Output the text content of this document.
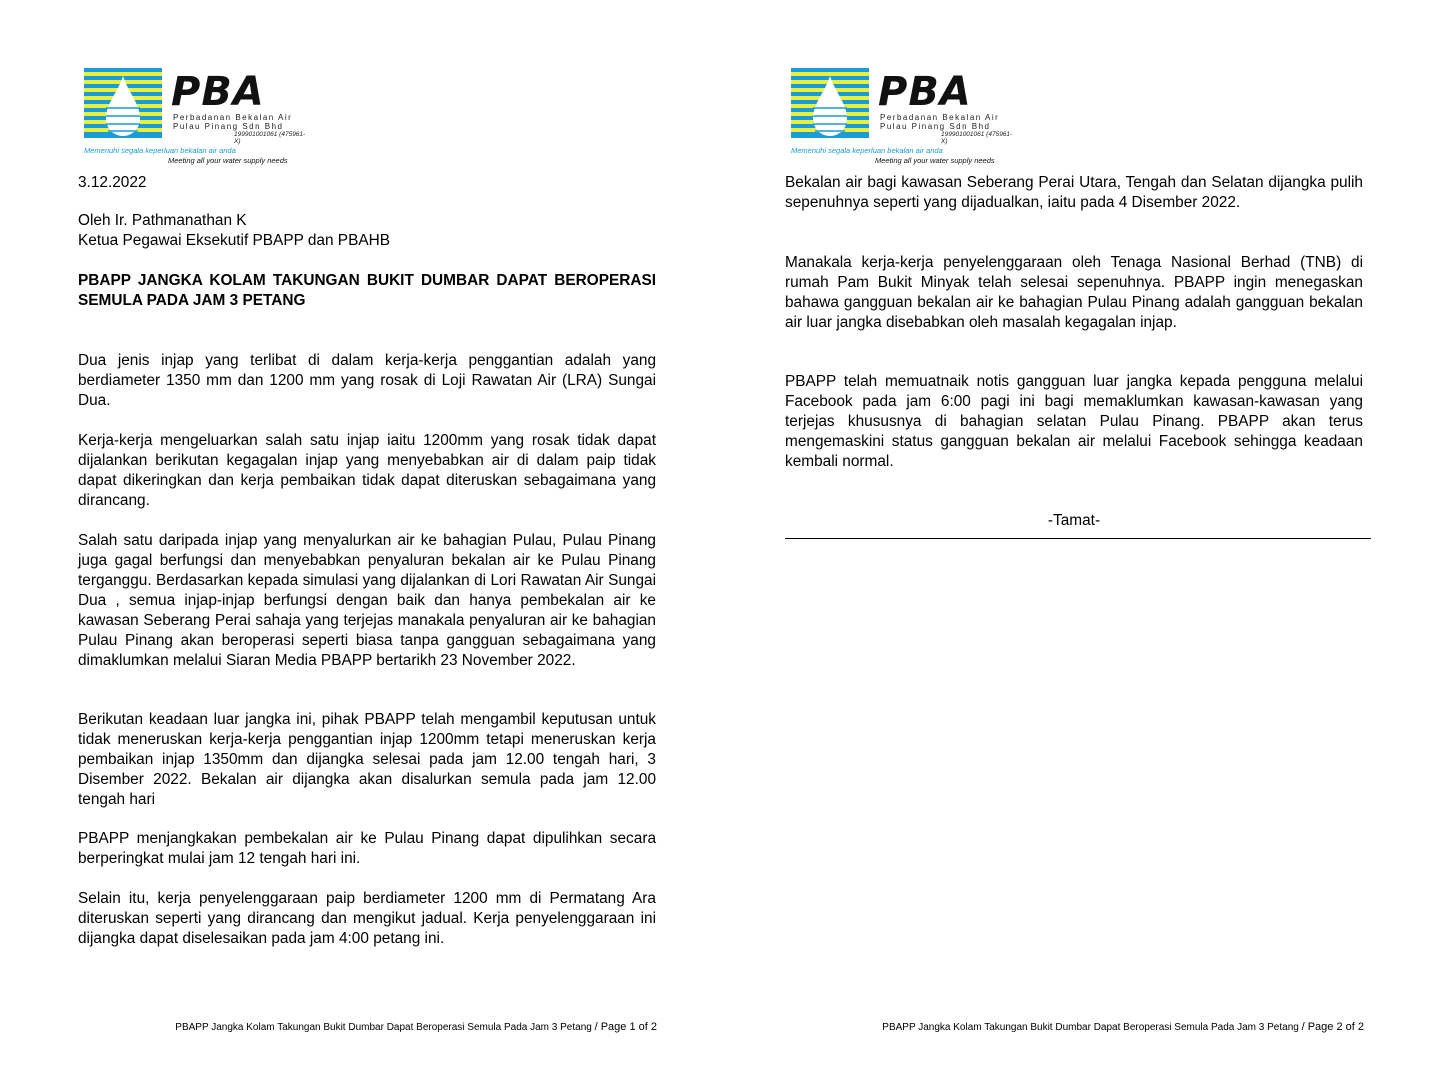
PBA
Perbadanan Bekalan Air
Pulau Pinang Sdn Bhd
199901001061 (475961-X)
Memenuhi segala keperluan bekalan air anda
Meeting all your water supply needs
3.12.2022
Oleh Ir. Pathmanathan K
Ketua Pegawai Eksekutif PBAPP dan PBAHB
PBAPP JANGKA KOLAM TAKUNGAN BUKIT DUMBAR DAPAT BEROPERASI SEMULA PADA JAM 3 PETANG

Dua jenis injap yang terlibat di dalam kerja-kerja penggantian adalah yang berdiameter 1350 mm dan 1200 mm yang rosak di Loji Rawatan Air (LRA) Sungai Dua.

Kerja-kerja mengeluarkan salah satu injap iaitu 1200mm yang rosak tidak dapat dijalankan berikutan kegagalan injap yang menyebabkan air di dalam paip tidak dapat dikeringkan dan kerja pembaikan tidak dapat diteruskan sebagaimana yang dirancang.

Salah satu daripada injap yang menyalurkan air ke bahagian Pulau, Pulau Pinang juga gagal berfungsi dan menyebabkan penyaluran bekalan air ke Pulau Pinang terganggu. Berdasarkan kepada simulasi yang dijalankan di Lori Rawatan Air Sungai Dua , semua injap-injap berfungsi dengan baik dan hanya pembekalan air ke kawasan Seberang Perai sahaja yang terjejas manakala penyaluran air ke bahagian Pulau Pinang akan beroperasi seperti biasa tanpa gangguan sebagaimana yang dimaklumkan melalui Siaran Media PBAPP bertarikh 23 November 2022.

Berikutan keadaan luar jangka ini, pihak PBAPP telah mengambil keputusan untuk tidak meneruskan kerja-kerja penggantian injap 1200mm tetapi meneruskan kerja pembaikan injap 1350mm dan dijangka selesai pada jam 12.00 tengah hari, 3 Disember 2022. Bekalan air dijangka akan disalurkan semula pada jam 12.00 tengah hari

PBAPP menjangkakan pembekalan air ke Pulau Pinang dapat dipulihkan secara berperingkat mulai jam 12 tengah hari ini.

Selain itu, kerja penyelenggaraan paip berdiameter 1200 mm di Permatang Ara diteruskan seperti yang dirancang dan mengikut jadual. Kerja penyelenggaraan ini dijangka dapat diselesaikan pada jam 4:00 petang ini.

PBAPP Jangka Kolam Takungan Bukit Dumbar Dapat Beroperasi Semula Pada Jam 3 Petang / Page 1 of 2
PBA
Perbadanan Bekalan Air
Pulau Pinang Sdn Bhd
199901001061 (475961-X)
Memenuhi segala keperluan bekalan air anda
Meeting all your water supply needs

Bekalan air bagi kawasan Seberang Perai Utara, Tengah dan Selatan dijangka pulih sepenuhnya seperti yang dijadualkan, iaitu pada 4 Disember 2022.

Manakala kerja-kerja penyelenggaraan oleh Tenaga Nasional Berhad (TNB) di rumah Pam Bukit Minyak telah selesai sepenuhnya. PBAPP ingin menegaskan bahawa gangguan bekalan air ke bahagian Pulau Pinang adalah gangguan bekalan air luar jangka disebabkan oleh masalah kegagalan injap.

PBAPP telah memuatnaik notis gangguan luar jangka kepada pengguna melalui Facebook pada jam 6:00 pagi ini bagi memaklumkan kawasan-kawasan yang terjejas khususnya di bahagian selatan Pulau Pinang. PBAPP akan terus mengemaskini status gangguan bekalan air melalui Facebook sehingga keadaan kembali normal.

-Tamat-
PBAPP Jangka Kolam Takungan Bukit Dumbar Dapat Beroperasi Semula Pada Jam 3 Petang / Page 2 of 2
